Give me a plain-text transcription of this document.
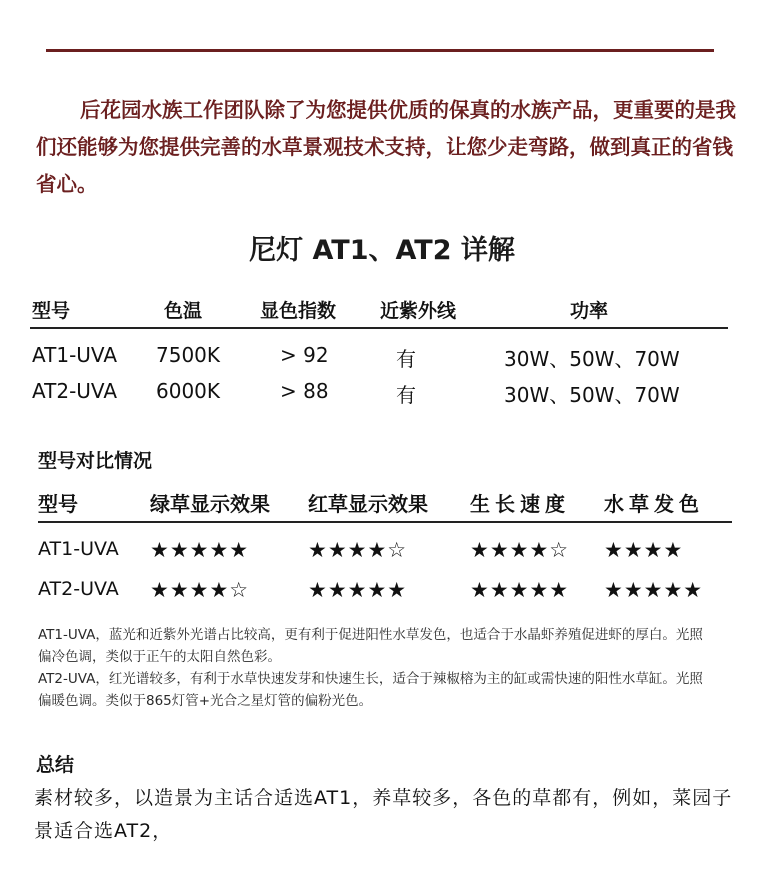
后花园水族工作团队除了为您提供优质的保真的水族产品，更重要的是我们还能够为您提供完善的水草景观技术支持，让您少走弯路，做到真正的省钱省心。

尼灯 AT1、AT2 详解
型号	色温	显色指数 近紫外线	功率
AT1-UVA 7500K	> 92	有	30W、50W、70W
AT2-UVA 6000K	> 88	有	30W、50W、70W
型号对比情况
型号	绿草显示效果 红草显示效果 生长速度 水草发色
AT1-UVA ★★★★★	★★★★☆	★★★★☆ ★★★★
AT2-UVA ★★★★☆	★★★★★	★★★★★ ★★★★★

AT1-UVA，蓝光和近紫外光谱占比较高，更有利于促进阳性水草发色，也适合于水晶虾养殖促进虾的厚白。光照偏冷色调，类似于正午的太阳自然色彩。

AT2-UVA，红光谱较多，有利于水草快速发芽和快速生长，适合于辣椒榕为主的缸或需快速的阳性水草缸。光照偏暖色调。类似于865灯管+光合之星灯管的偏粉光色。

总结

素材较多，以造景为主话合适选AT1，养草较多，各色的草都有，例如，菜园子景适合选AT2，
